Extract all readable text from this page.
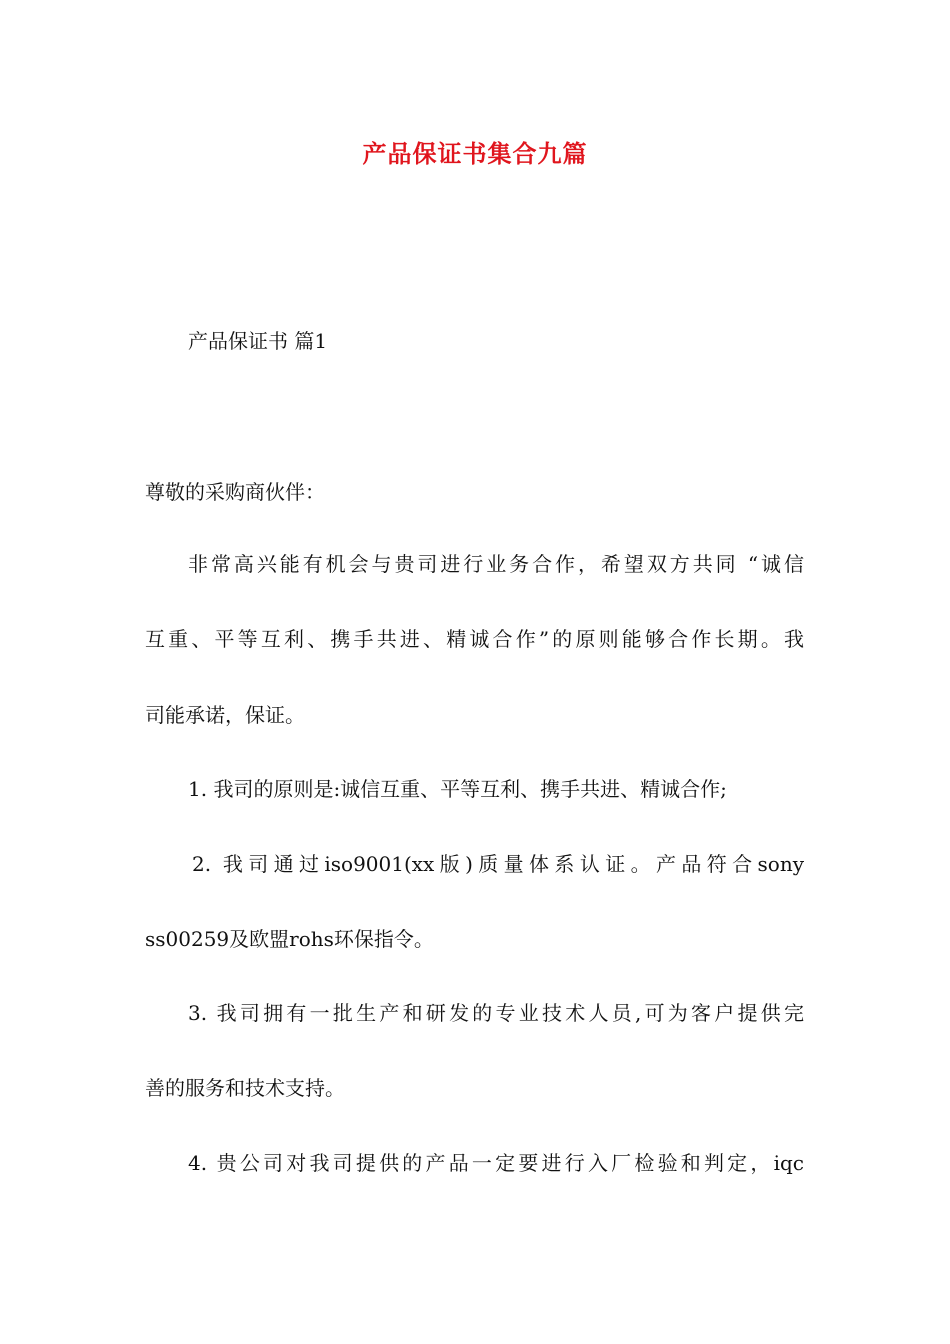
产品保证书集合九篇

产品保证书 篇1

尊敬的采购商伙伴：

非常高兴能有机会与贵司进行业务合作，希望双方共同 “诚信

互重、平等互利、携手共进、精诚合作”的原则能够合作长期。我

司能承诺，保证。

1. 我司的原则是:诚信互重、平等互利、携手共进、精诚合作;

2. 我司通过iso9001(xx版)质量体系认证。产品符合sony

ss00259及欧盟rohs环保指令。

3. 我司拥有一批生产和研发的专业技术人员,可为客户提供完

善的服务和技术支持。

4. 贵公司对我司提供的产品一定要进行入厂检验和判定，iqc
